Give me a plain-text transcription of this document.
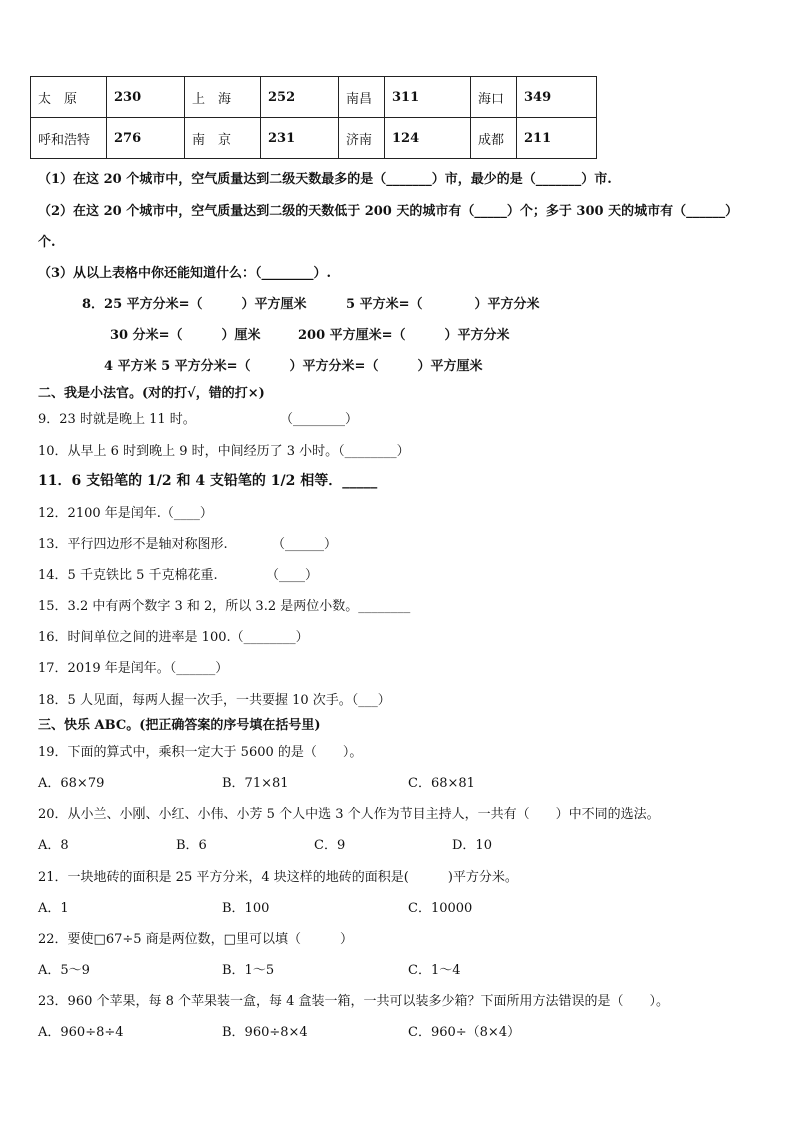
太　原	230	上　海	252	南昌	311	海口	349
呼和浩特	276	南　京	231	济南	124	成都	211
（1）在这 20 个城市中，空气质量达到二级天数最多的是（_______）市，最少的是（_______）市.
（2）在这 20 个城市中，空气质量达到二级的天数低于 200 天的城市有（_____）个；多于 300 天的城市有（______）
个.
（3）从以上表格中你还能知道什么：（________）.
8．25 平方分米=（　　　）平方厘米	5 平方米=（　　　　）平方分米
30 分米=（　　　）厘米	200 平方厘米=（　　　）平方分米
4 平方米 5 平方分米=（　　　）平方分米=（　　　）平方厘米
二、我是小法官。(对的打√，错的打×)
9．23 时就是晚上 11 时。	（________）
10．从早上 6 时到晚上 9 时，中间经历了 3 小时。（________）
11．6 支铅笔的 1/2 和 4 支铅笔的 1/2 相等．_____
12．2100 年是闰年.（____）
13．平行四边形不是轴对称图形.	（______）
14．5 千克铁比 5 千克棉花重.	（____）
15．3.2 中有两个数字 3 和 2，所以 3.2 是两位小数。________
16．时间单位之间的进率是 100.（________）
17．2019 年是闰年。（______）
18．5 人见面，每两人握一次手，一共要握 10 次手。（___）
三、快乐 ABC。(把正确答案的序号填在括号里)
19．下面的算式中，乘积一定大于 5600 的是（　　）。
A．68×79	B．71×81	C．68×81
20．从小兰、小刚、小红、小伟、小芳 5 个人中选 3 个人作为节目主持人，一共有（　　）中不同的选法。
A．8	B．6	C．9	D．10
21．一块地砖的面积是 25 平方分米，4 块这样的地砖的面积是(　　　)平方分米。
A．1	B．100	C．10000
22．要使□67÷5 商是两位数，□里可以填（　　　）
A．5～9	B．1～5	C．1～4
23．960 个苹果，每 8 个苹果装一盒，每 4 盒装一箱，一共可以装多少箱？下面所用方法错误的是（　　）。
A．960÷8÷4	B．960÷8×4	C．960÷（8×4）
